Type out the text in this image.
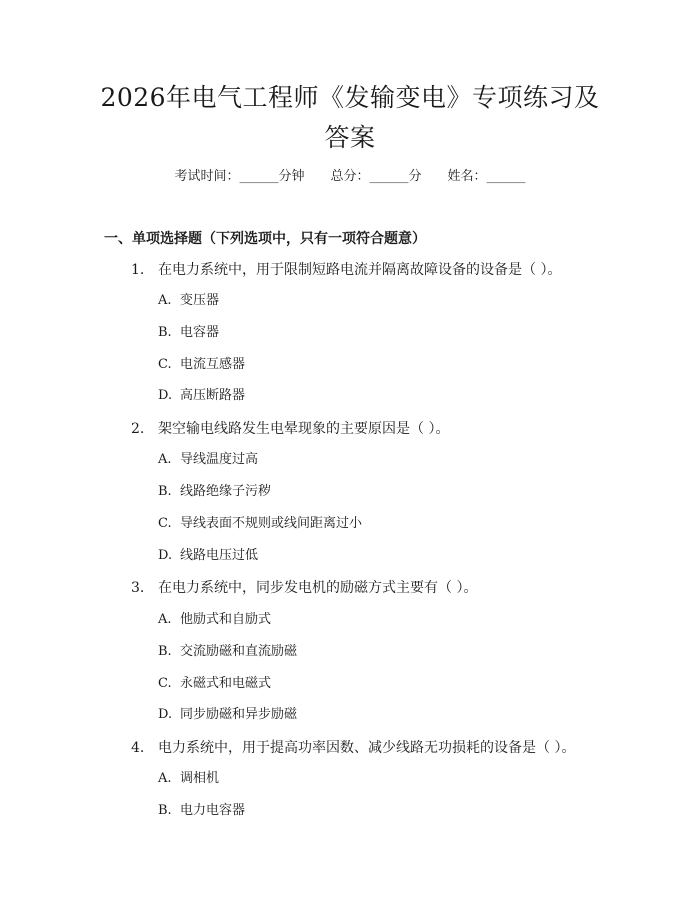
2026年电气工程师《发输变电》专项练习及
答案
考试时间：______分钟 总分：______分 姓名：______
一、单项选择题（下列选项中，只有一项符合题意）
1. 在电力系统中，用于限制短路电流并隔离故障设备的设备是（ ）。
A. 变压器
B. 电容器
C. 电流互感器
D. 高压断路器
2. 架空输电线路发生电晕现象的主要原因是（ ）。
A. 导线温度过高
B. 线路绝缘子污秽
C. 导线表面不规则或线间距离过小
D. 线路电压过低
3. 在电力系统中，同步发电机的励磁方式主要有（ ）。
A. 他励式和自励式
B. 交流励磁和直流励磁
C. 永磁式和电磁式
D. 同步励磁和异步励磁
4. 电力系统中，用于提高功率因数、减少线路无功损耗的设备是（ ）。
A. 调相机
B. 电力电容器
